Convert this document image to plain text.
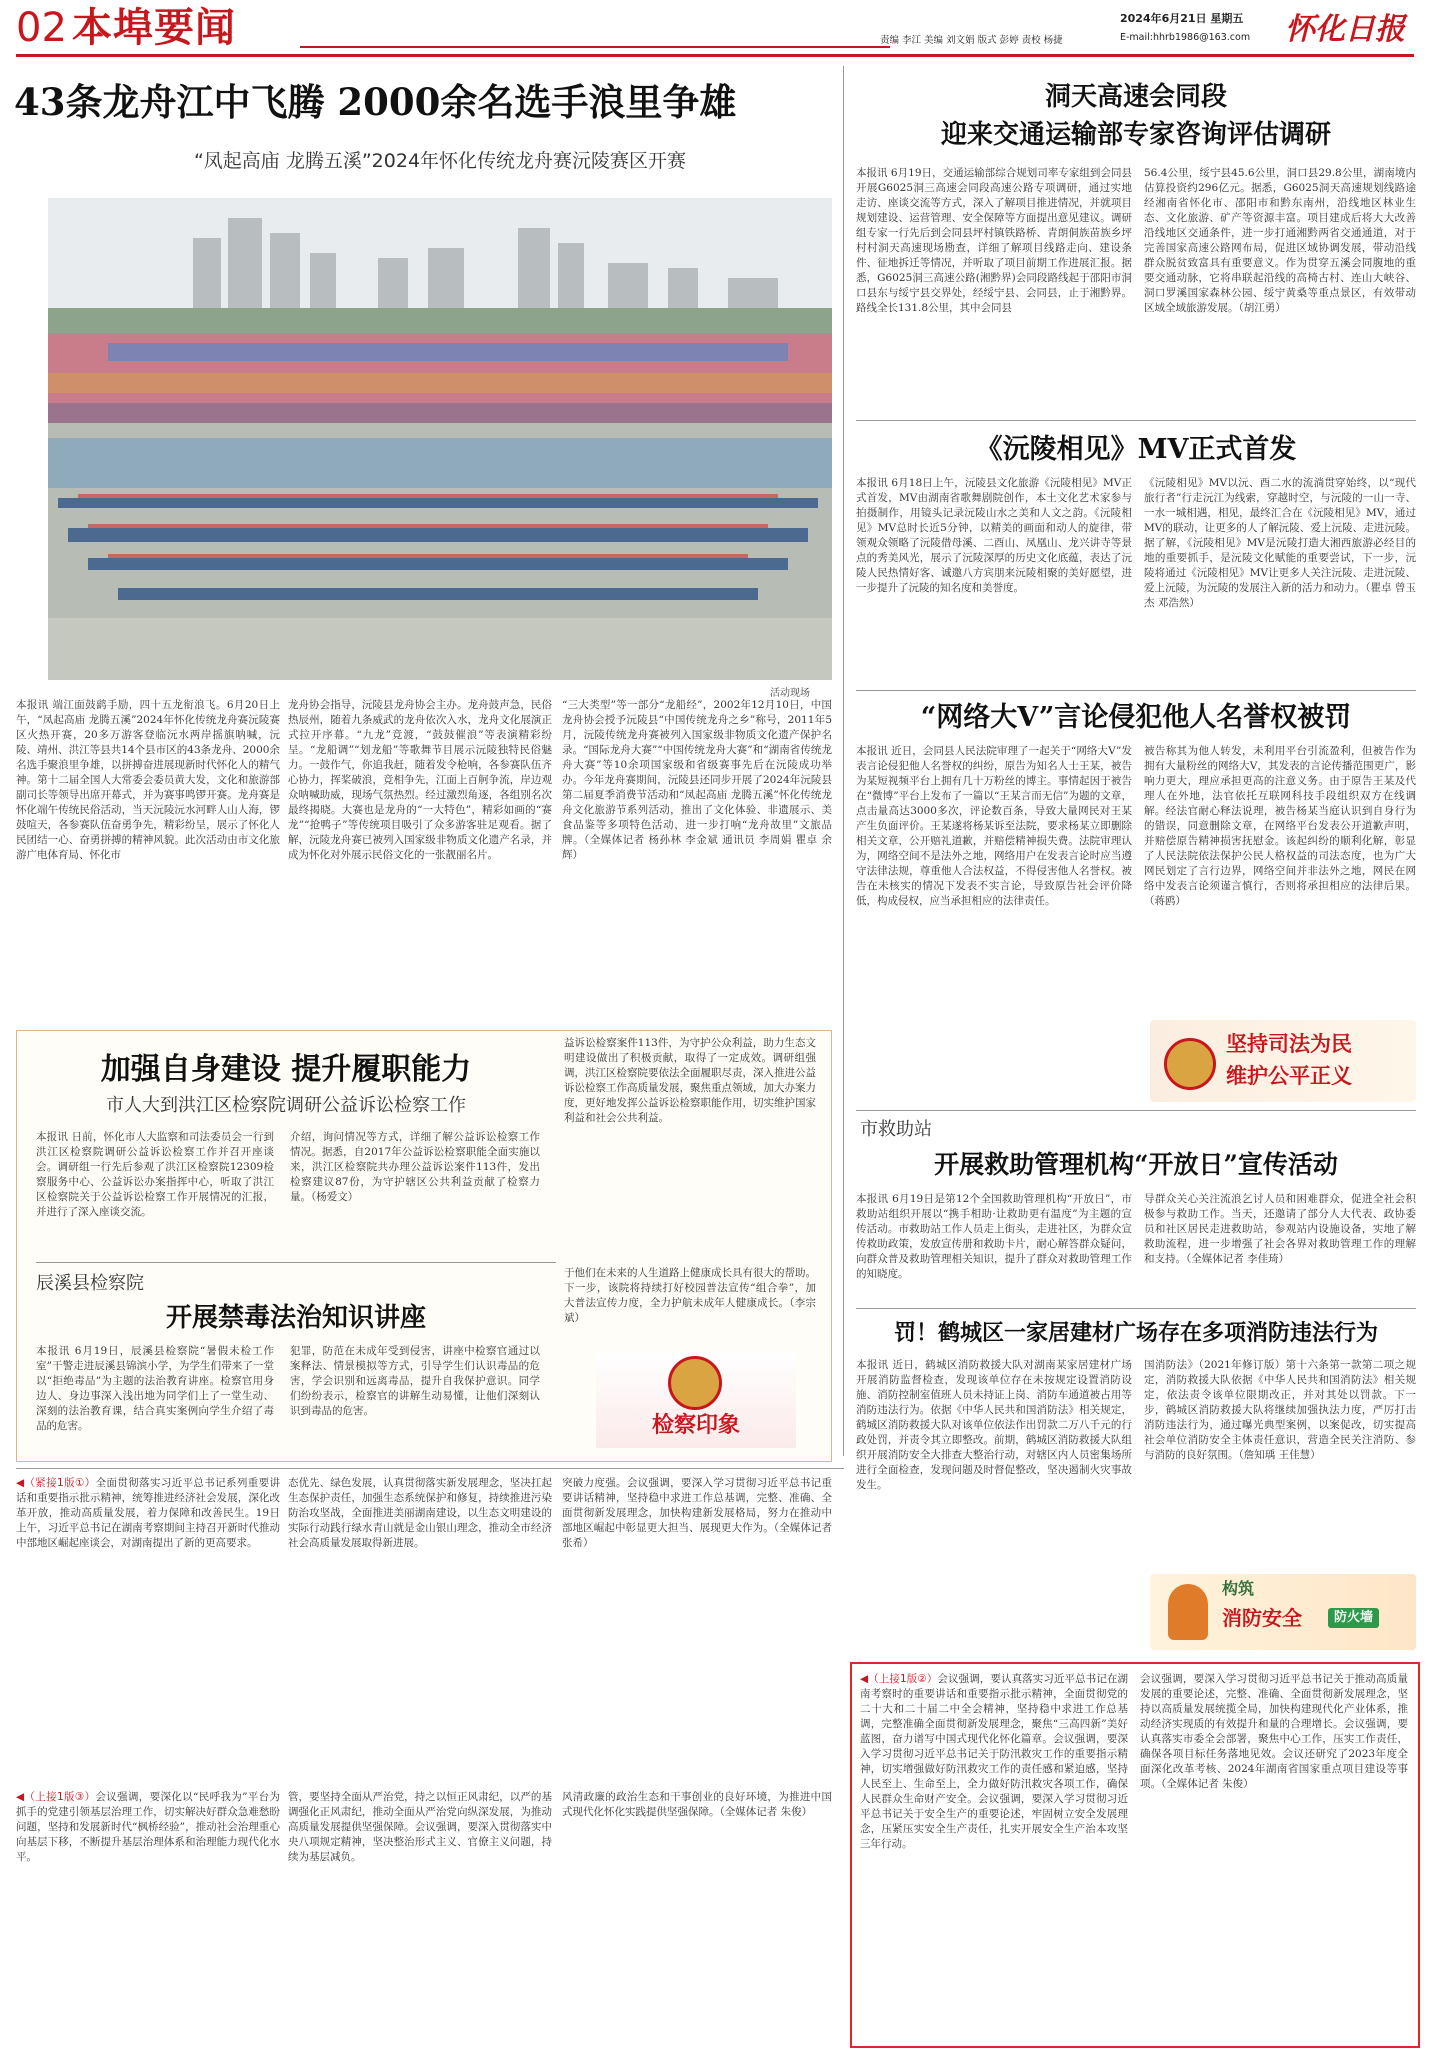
02 本埠要闻	2024年6月21日 星期五
责编 李江 美编 刘文娟 版式 彭婷 责校 杨捷	E-mail:hhrb1986@163.com 怀化日报
43条龙舟江中飞腾 2000余名选手浪里争雄
“凤起高庙 龙腾五溪”2024年怀化传统龙舟赛沅陵赛区开赛
活动现场
本报讯 端江面鼓鹞手励，四十五龙衔浪飞。6月20日上午，“凤起高庙 龙腾五溪”2024年怀化传统龙舟赛沅陵赛区火热开赛，20多万游客登临沅水两岸摇旗呐喊，沅陵、靖州、洪江等县共14个县市区的43条龙舟、2000余名选手聚浪里争雄，以拼搏奋进展现新时代怀化人的精气神。第十二届全国人大常委会委员黄大发，文化和旅游部副司长等领导出席开幕式，并为赛事鸣锣开赛。龙舟赛是怀化端午传统民俗活动，当天沅陵沅水河畔人山人海，锣鼓喧天，各参赛队伍奋勇争先，精彩纷呈，展示了怀化人民团结一心、奋勇拼搏的精神风貌。此次活动由市文化旅游广电体育局、怀化市
龙舟协会指导，沅陵县龙舟协会主办。龙舟鼓声急，民俗热辰州，随着九条威武的龙舟依次入水，龙舟文化展演正式拉开序幕。“九龙”竞渡，“鼓鼓催浪”等表演精彩纷呈。“龙船调”“划龙船”等歌舞节目展示沅陵独特民俗魅力。一鼓作气，你追我赶，随着发令枪响，各参赛队伍齐心协力，挥桨破浪，竞相争先，江面上百舸争流，岸边观众呐喊助威，现场气氛热烈。经过激烈角逐，各组别名次最终揭晓。大赛也是龙舟的“一大特色”，精彩如画的“赛龙”“抢鸭子”等传统项目吸引了众多游客驻足观看。据了解，沅陵龙舟赛已被列入国家级非物质文化遗产名录，并成为怀化对外展示民俗文化的一张靓丽名片。
“三大类型”等一部分“龙船经”，2002年12月10日，中国龙舟协会授予沅陵县“中国传统龙舟之乡”称号，2011年5月，沅陵传统龙舟赛被列入国家级非物质文化遗产保护名录。“国际龙舟大赛”“中国传统龙舟大赛”和“湖南省传统龙舟大赛”等10余项国家级和省级赛事先后在沅陵成功举办。今年龙舟赛期间，沅陵县还同步开展了2024年沅陵县第二届夏季消费节活动和“凤起高庙 龙腾五溪”怀化传统龙舟文化旅游节系列活动，推出了文化体验、非遗展示、美食品鉴等多项特色活动，进一步打响“龙舟故里”文旅品牌。（全媒体记者 杨孙林 李金斌 通讯员 李周娟 瞿卓 余辉）
洞天高速会同段
迎来交通运输部专家咨询评估调研
本报讯 6月19日，交通运输部综合规划司率专家组到会同县开展G6025洞三高速会同段高速公路专项调研，通过实地走访、座谈交流等方式，深入了解项目推进情况，并就项目规划建设、运营管理、安全保障等方面提出意见建议。调研组专家一行先后到会同县坪村镇铁路桥、青朗侗族苗族乡坪村村洞天高速现场勘查，详细了解项目线路走向、建设条件、征地拆迁等情况，并听取了项目前期工作进展汇报。据悉，G6025洞三高速公路(湘黔界)会同段路线起于邵阳市洞口县东与绥宁县交界处，经绥宁县、会同县，止于湘黔界。路线全长131.8公里，其中会同县
56.4公里，绥宁县45.6公里，洞口县29.8公里，湖南境内估算投资约296亿元。据悉，G6025洞天高速规划线路途经湘南省怀化市、邵阳市和黔东南州，沿线地区林业生态、文化旅游、矿产等资源丰富。项目建成后将大大改善沿线地区交通条件，进一步打通湘黔两省交通通道，对于完善国家高速公路网布局，促进区域协调发展，带动沿线群众脱贫致富具有重要意义。作为贯穿五溪会同腹地的重要交通动脉，它将串联起沿线的高椅古村、连山大峡谷、洞口罗溪国家森林公园、绥宁黄桑等重点景区，有效带动区域全域旅游发展。（胡江勇）
《沅陵相见》MV正式首发
本报讯 6月18日上午，沅陵县文化旅游《沅陵相见》MV正式首发，MV由湖南省歌舞剧院创作，本土文化艺术家参与拍摄制作，用镜头记录沅陵山水之美和人文之韵。《沅陵相见》MV总时长近5分钟，以精美的画面和动人的旋律，带领观众领略了沅陵借母溪、二酉山、凤凰山、龙兴讲寺等景点的秀美风光，展示了沅陵深厚的历史文化底蕴，表达了沅陵人民热情好客、诚邀八方宾朋来沅陵相聚的美好愿望，进一步提升了沅陵的知名度和美誉度。
《沅陵相见》MV以沅、酉二水的流淌贯穿始终，以“现代旅行者”行走沅江为线索，穿越时空，与沅陵的一山一寺、一水一城相遇，相见，最终汇合在《沅陵相见》MV，通过MV的联动，让更多的人了解沅陵、爱上沅陵、走进沅陵。据了解，《沅陵相见》MV是沅陵打造大湘西旅游必经目的地的重要抓手，是沅陵文化赋能的重要尝试，下一步，沅陵将通过《沅陵相见》MV让更多人关注沅陵、走进沅陵、爱上沅陵，为沅陵的发展注入新的活力和动力。（瞿卓 曾玉杰 邓浩然）
“网络大V”言论侵犯他人名誉权被罚
本报讯 近日，会同县人民法院审理了一起关于“网络大V”发表言论侵犯他人名誉权的纠纷，原告为知名人士王某，被告为某短视频平台上拥有几十万粉丝的博主。事情起因于被告在“微博”平台上发布了一篇以“王某言而无信”为题的文章，点击量高达3000多次，评论数百条，导致大量网民对王某产生负面评价。王某遂将杨某诉至法院，要求杨某立即删除相关文章，公开赔礼道歉，并赔偿精神损失费。法院审理认为，网络空间不是法外之地，网络用户在发表言论时应当遵守法律法规，尊重他人合法权益，不得侵害他人名誉权。被告在未核实的情况下发表不实言论，导致原告社会评价降低，构成侵权，应当承担相应的法律责任。
被告称其为他人转发，未利用平台引流盈利，但被告作为拥有大量粉丝的网络大V，其发表的言论传播范围更广，影响力更大，理应承担更高的注意义务。由于原告王某及代理人在外地，法官依托互联网科技手段组织双方在线调解。经法官耐心释法说理，被告杨某当庭认识到自身行为的错误，同意删除文章，在网络平台发表公开道歉声明，并赔偿原告精神损害抚慰金。该起纠纷的顺利化解，彰显了人民法院依法保护公民人格权益的司法态度，也为广大网民划定了言行边界，网络空间并非法外之地，网民在网络中发表言论须谨言慎行，否则将承担相应的法律后果。（蒋鸥）
坚持司法为民
维护公平正义
市救助站
开展救助管理机构“开放日”宣传活动
本报讯 6月19日是第12个全国救助管理机构“开放日”，市救助站组织开展以“携手相助·让救助更有温度”为主题的宣传活动。市救助站工作人员走上街头，走进社区，为群众宣传救助政策，发放宣传册和救助卡片，耐心解答群众疑问，向群众普及救助管理相关知识，提升了群众对救助管理工作的知晓度。
导群众关心关注流浪乞讨人员和困难群众，促进全社会积极参与救助工作。当天，还邀请了部分人大代表、政协委员和社区居民走进救助站，参观站内设施设备，实地了解救助流程，进一步增强了社会各界对救助管理工作的理解和支持。（全媒体记者 李佳琦）
罚！鹤城区一家居建材广场存在多项消防违法行为
本报讯 近日，鹤城区消防救援大队对湖南某家居建材广场开展消防监督检查，发现该单位存在未按规定设置消防设施、消防控制室值班人员未持证上岗、消防车通道被占用等消防违法行为。依据《中华人民共和国消防法》相关规定，鹤城区消防救援大队对该单位依法作出罚款二万八千元的行政处罚，并责令其立即整改。前期，鹤城区消防救援大队组织开展消防安全大排查大整治行动，对辖区内人员密集场所进行全面检查，发现问题及时督促整改，坚决遏制火灾事故发生。
国消防法》（2021年修订版）第十六条第一款第二项之规定，消防救援大队依据《中华人民共和国消防法》相关规定，依法责令该单位限期改正，并对其处以罚款。下一步，鹤城区消防救援大队将继续加强执法力度，严厉打击消防违法行为，通过曝光典型案例，以案促改，切实提高社会单位消防安全主体责任意识，营造全民关注消防、参与消防的良好氛围。（詹知瑀 王佳慧）
构筑
消防安全	防火墙
加强自身建设 提升履职能力
市人大到洪江区检察院调研公益诉讼检察工作
本报讯 日前，怀化市人大监察和司法委员会一行到洪江区检察院调研公益诉讼检察工作并召开座谈会。调研组一行先后参观了洪江区检察院12309检察服务中心、公益诉讼办案指挥中心，听取了洪江区检察院关于公益诉讼检察工作开展情况的汇报，并进行了深入座谈交流。
介绍，询问情况等方式，详细了解公益诉讼检察工作情况。据悉，自2017年公益诉讼检察职能全面实施以来，洪江区检察院共办理公益诉讼案件113件，发出检察建议87份，为守护辖区公共利益贡献了检察力量。（杨爱文）
益诉讼检察案件113件，为守护公众利益，助力生态文明建设做出了积极贡献，取得了一定成效。调研组强调，洪江区检察院要依法全面履职尽责，深入推进公益诉讼检察工作高质量发展，聚焦重点领域，加大办案力度，更好地发挥公益诉讼检察职能作用，切实维护国家利益和社会公共利益。
辰溪县检察院
开展禁毒法治知识讲座
本报讯 6月19日，辰溪县检察院“暑假未检工作室”干警走进辰溪县锦滨小学，为学生们带来了一堂以“拒绝毒品”为主题的法治教育讲座。检察官用身边人、身边事深入浅出地为同学们上了一堂生动、深刻的法治教育课，结合真实案例向学生介绍了毒品的危害。
犯罪，防范在未成年受到侵害，讲座中检察官通过以案释法、情景模拟等方式，引导学生们认识毒品的危害，学会识别和远离毒品，提升自我保护意识。同学们纷纷表示，检察官的讲解生动易懂，让他们深刻认识到毒品的危害。
于他们在未来的人生道路上健康成长具有很大的帮助。下一步，该院将持续打好校园普法宣传“组合拳”，加大普法宣传力度，全力护航未成年人健康成长。（李宗斌）
检察印象
◀（紧接1版①）全面贯彻落实习近平总书记系列重要讲话和重要指示批示精神，统筹推进经济社会发展，深化改革开放，推动高质量发展，着力保障和改善民生。19日上午，习近平总书记在湖南考察期间主持召开新时代推动中部地区崛起座谈会，对湖南提出了新的更高要求。
态优先、绿色发展，认真贯彻落实新发展理念，坚决扛起生态保护责任，加强生态系统保护和修复，持续推进污染防治攻坚战，全面推进美丽湖南建设，以生态文明建设的实际行动践行绿水青山就是金山银山理念，推动全市经济社会高质量发展取得新进展。
突破力度强。会议强调，要深入学习贯彻习近平总书记重要讲话精神，坚持稳中求进工作总基调，完整、准确、全面贯彻新发展理念，加快构建新发展格局，努力在推动中部地区崛起中彰显更大担当、展现更大作为。（全媒体记者 张希）
◀（上接1版③）会议强调，要深化以“民呼我为”平台为抓手的党建引领基层治理工作，切实解决好群众急难愁盼问题，坚持和发展新时代“枫桥经验”，推动社会治理重心向基层下移，不断提升基层治理体系和治理能力现代化水平。
管，要坚持全面从严治党，持之以恒正风肃纪，以严的基调强化正风肃纪，推动全面从严治党向纵深发展，为推动高质量发展提供坚强保障。会议强调，要深入贯彻落实中央八项规定精神，坚决整治形式主义、官僚主义问题，持续为基层减负。
风清政廉的政治生态和干事创业的良好环境，为推进中国式现代化怀化实践提供坚强保障。（全媒体记者 朱俊）
◀（上接1版②）会议强调，要认真落实习近平总书记在湖南考察时的重要讲话和重要指示批示精神，全面贯彻党的二十大和二十届二中全会精神，坚持稳中求进工作总基调，完整准确全面贯彻新发展理念，聚焦“三高四新”美好蓝图，奋力谱写中国式现代化怀化篇章。会议强调，要深入学习贯彻习近平总书记关于防汛救灾工作的重要指示精神，切实增强做好防汛救灾工作的责任感和紧迫感，坚持人民至上、生命至上，全力做好防汛救灾各项工作，确保人民群众生命财产安全。会议强调，要深入学习贯彻习近平总书记关于安全生产的重要论述，牢固树立安全发展理念，压紧压实安全生产责任，扎实开展安全生产治本攻坚三年行动。
会议强调，要深入学习贯彻习近平总书记关于推动高质量发展的重要论述，完整、准确、全面贯彻新发展理念，坚持以高质量发展统揽全局，加快构建现代化产业体系，推动经济实现质的有效提升和量的合理增长。会议强调，要认真落实市委全会部署，聚焦中心工作，压实工作责任，确保各项目标任务落地见效。会议还研究了2023年度全面深化改革考核、2024年湖南省国家重点项目建设等事项。（全媒体记者 朱俊）
